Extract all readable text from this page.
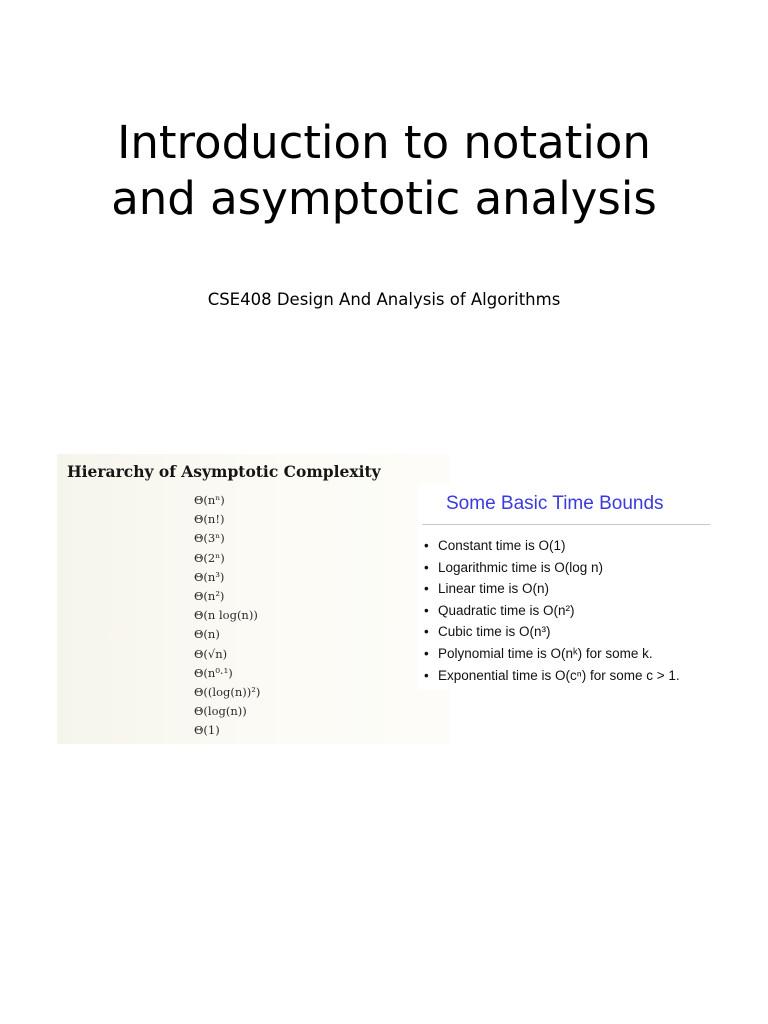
Introduction to notation
and asymptotic analysis
CSE408 Design And Analysis of Algorithms
Hierarchy of Asymptotic Complexity
Θ(nⁿ)
Θ(n!)
Θ(3ⁿ)
Θ(2ⁿ)
Θ(n³)
Θ(n²)
Θ(n log(n))
Θ(n)
Θ(√n)
Θ(n⁰·¹)
Θ((log(n))²)
Θ(log(n))
Θ(1)
Some Basic Time Bounds
• Constant time is O(1)
• Logarithmic time is O(log n)
• Linear time is O(n)
• Quadratic time is O(n²)
• Cubic time is O(n³)
• Polynomial time is O(nᵏ) for some k.
• Exponential time is O(cⁿ) for some c > 1.
